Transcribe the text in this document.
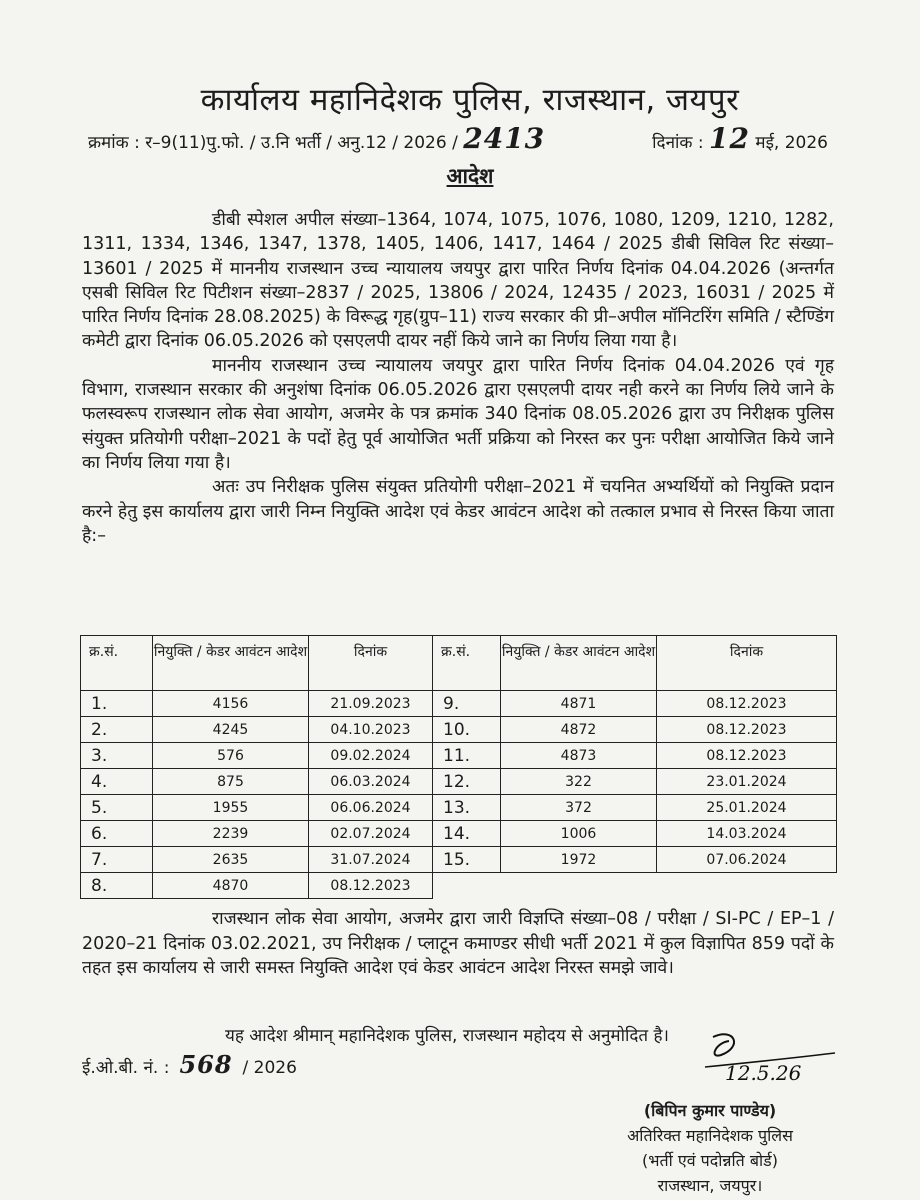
कार्यालय महानिदेशक पुलिस, राजस्थान, जयपुर
क्रमांक : र–9(11)पु.फो. / उ.नि भर्ती / अनु.12 / 2026 / 2413	दिनांक : 12 मई, 2026
आदेश

डीबी स्पेशल अपील संख्या–1364, 1074, 1075, 1076, 1080, 1209, 1210, 1282, 1311, 1334, 1346, 1347, 1378, 1405, 1406, 1417, 1464 / 2025 डीबी सिविल रिट संख्या–13601 / 2025 में माननीय राजस्थान उच्च न्यायालय जयपुर द्वारा पारित निर्णय दिनांक 04.04.2026 (अन्तर्गत एसबी सिविल रिट पिटीशन संख्या–2837 / 2025, 13806 / 2024, 12435 / 2023, 16031 / 2025 में पारित निर्णय दिनांक 28.08.2025) के विरूद्ध गृह(ग्रुप–11) राज्य सरकार की प्री–अपील मॉनिटरिंग समिति / स्टैण्डिंग कमेटी द्वारा दिनांक 06.05.2026 को एसएलपी दायर नहीं किये जाने का निर्णय लिया गया है।

माननीय राजस्थान उच्च न्यायालय जयपुर द्वारा पारित निर्णय दिनांक 04.04.2026 एवं गृह विभाग, राजस्थान सरकार की अनुशंषा दिनांक 06.05.2026 द्वारा एसएलपी दायर नही करने का निर्णय लिये जाने के फलस्वरूप राजस्थान लोक सेवा आयोग, अजमेर के पत्र क्रमांक 340 दिनांक 08.05.2026 द्वारा उप निरीक्षक पुलिस संयुक्त प्रतियोगी परीक्षा–2021 के पदों हेतु पूर्व आयोजित भर्ती प्रक्रिया को निरस्त कर पुनः परीक्षा आयोजित किये जाने का निर्णय लिया गया है।

अतः उप निरीक्षक पुलिस संयुक्त प्रतियोगी परीक्षा–2021 में चयनित अभ्यर्थियों को नियुक्ति प्रदान करने हेतु इस कार्यालय द्वारा जारी निम्न नियुक्ति आदेश एवं केडर आवंटन आदेश को तत्काल प्रभाव से निरस्त किया जाता है:–

क्र.सं.	नियुक्ति / केडर आवंटन आदेश	दिनांक	क्र.सं.	नियुक्ति / केडर आवंटन आदेश	दिनांक
1.	4156	21.09.2023	9.	4871	08.12.2023
2.	4245	04.10.2023	10.	4872	08.12.2023
3.	576	09.02.2024	11.	4873	08.12.2023
4.	875	06.03.2024	12.	322	23.01.2024
5.	1955	06.06.2024	13.	372	25.01.2024
6.	2239	02.07.2024	14.	1006	14.03.2024
7.	2635	31.07.2024	15.	1972	07.06.2024
8.	4870	08.12.2023			

राजस्थान लोक सेवा आयोग, अजमेर द्वारा जारी विज्ञप्ति संख्या–08 / परीक्षा / SI-PC / EP–1 / 2020–21 दिनांक 03.02.2021, उप निरीक्षक / प्लाटून कमाण्डर सीधी भर्ती 2021 में कुल विज्ञापित 859 पदों के तहत इस कार्यालय से जारी समस्त नियुक्ति आदेश एवं केडर आवंटन आदेश निरस्त समझे जावे।

यह आदेश श्रीमान् महानिदेशक पुलिस, राजस्थान महोदय से अनुमोदित है।
ई.ओ.बी. नं. : 568 / 2026	12.5.26
(बिपिन कुमार पाण्डेय)
अतिरिक्त महानिदेशक पुलिस
(भर्ती एवं पदोन्नति बोर्ड)
राजस्थान, जयपुर।
